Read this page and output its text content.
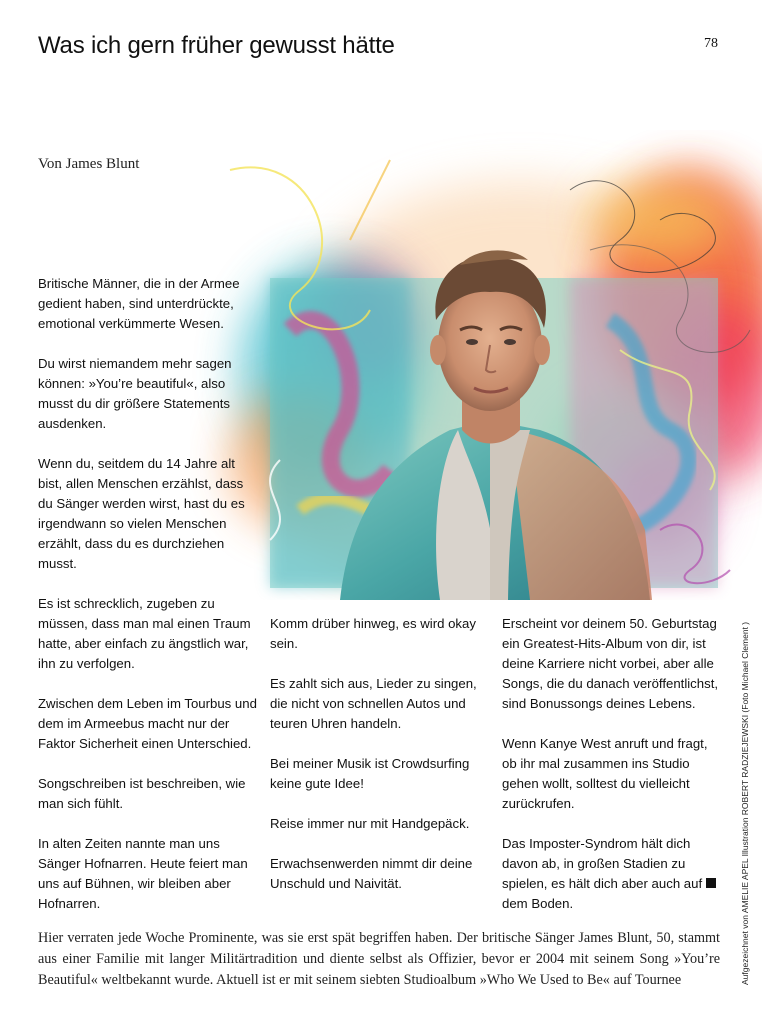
Was ich gern früher gewusst hätte	78
Von James Blunt

Britische Männer, die in der Armee gedient haben, sind unterdrückte, emotional verkümmerte Wesen.

Du wirst niemandem mehr sagen können: »You’re beautiful«, also musst du dir größere Statements ausdenken.

Wenn du, seitdem du 14 Jahre alt bist, allen Menschen erzählst, dass du Sänger werden wirst, hast du es irgendwann so vielen Menschen erzählt, dass du es durchziehen musst.

Es ist schrecklich, zugeben zu müssen, dass man mal einen Traum hatte, aber einfach zu ängstlich war, ihn zu verfolgen.

Zwischen dem Leben im Tourbus und dem im Armeebus macht nur der Faktor Sicherheit einen Unterschied.

Songschreiben ist beschreiben, wie man sich fühlt.

In alten Zeiten nannte man uns Sänger Hofnarren. Heute feiert man uns auf Bühnen, wir bleiben aber Hofnarren.

Komm drüber hinweg, es wird okay sein.

Es zahlt sich aus, Lieder zu singen, die nicht von schnellen Autos und teuren Uhren handeln.

Bei meiner Musik ist Crowdsurfing keine gute Idee!

Reise immer nur mit Handgepäck.

Erwachsenwerden nimmt dir deine Unschuld und Naivität.

Erscheint vor deinem 50. Geburtstag ein Greatest-Hits-Album von dir, ist deine Karriere nicht vorbei, aber alle Songs, die du danach veröffentlichst, sind Bonussongs deines Lebens.

Wenn Kanye West anruft und fragt, ob ihr mal zusammen ins Studio gehen wollt, solltest du vielleicht zurückrufen.

Das Imposter-Syndrom hält dich davon ab, in großen Stadien zu spielen, es hält dich aber auch auf dem Boden.	Aufgezeichnet von AMELIE APEL Illustration ROBERT RADZIEJEWSKI (Foto Michael Clement )
Hier verraten jede Woche Prominente, was sie erst spät begriffen haben. Der britische Sänger James Blunt, 50, stammt aus einer Familie mit langer Militärtradition und diente selbst als Offizier, bevor er 2004 mit seinem Song »You’re Beautiful« weltbekannt wurde. Aktuell ist er mit seinem siebten Studioalbum »Who We Used to Be« auf Tournee
